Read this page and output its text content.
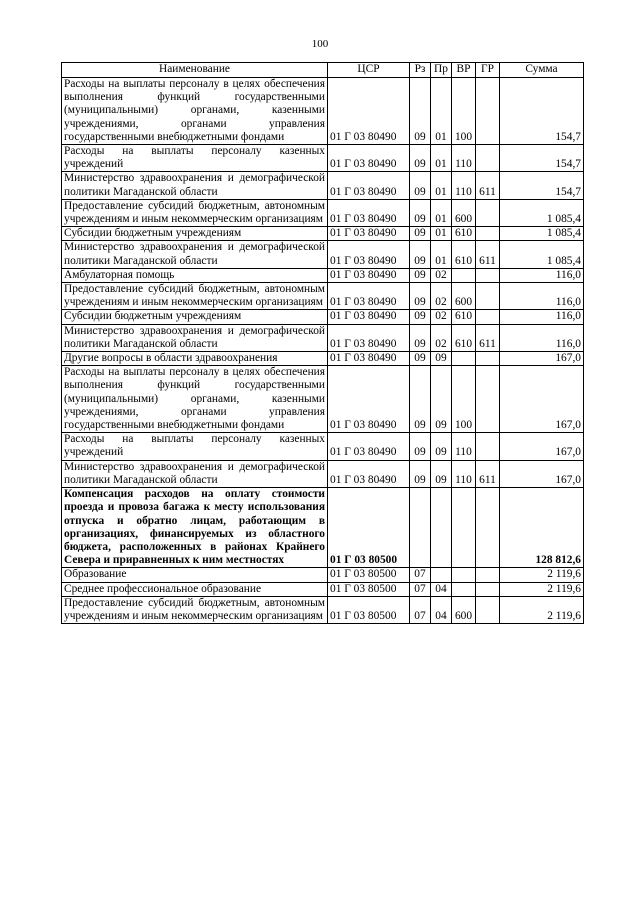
100
Наименование	ЦСР	Рз	Пр	ВР	ГР	Сумма
Расходы на выплаты персоналу в целях обеспечения выполнения функций государственными (муниципальными) органами, казенными учреждениями, органами управления государственными внебюджетными фондами	01 Г 03 80490	09	01	100		154,7
Расходы на выплаты персоналу казенных учреждений	01 Г 03 80490	09	01	110		154,7
Министерство здравоохранения и демографической политики Магаданской области	01 Г 03 80490	09	01	110	611	154,7
Предоставление субсидий бюджетным, автономным учреждениям и иным некоммерческим организациям	01 Г 03 80490	09	01	600		1 085,4
Субсидии бюджетным учреждениям	01 Г 03 80490	09	01	610		1 085,4
Министерство здравоохранения и демографической политики Магаданской области	01 Г 03 80490	09	01	610	611	1 085,4
Амбулаторная помощь	01 Г 03 80490	09	02			116,0
Предоставление субсидий бюджетным, автономным учреждениям и иным некоммерческим организациям	01 Г 03 80490	09	02	600		116,0
Субсидии бюджетным учреждениям	01 Г 03 80490	09	02	610		116,0
Министерство здравоохранения и демографической политики Магаданской области	01 Г 03 80490	09	02	610	611	116,0
Другие вопросы в области здравоохранения	01 Г 03 80490	09	09			167,0
Расходы на выплаты персоналу в целях обеспечения выполнения функций государственными (муниципальными) органами, казенными учреждениями, органами управления государственными внебюджетными фондами	01 Г 03 80490	09	09	100		167,0
Расходы на выплаты персоналу казенных учреждений	01 Г 03 80490	09	09	110		167,0
Министерство здравоохранения и демографической политики Магаданской области	01 Г 03 80490	09	09	110	611	167,0
Компенсация расходов на оплату стоимости проезда и провоза багажа к месту использования отпуска и обратно лицам, работающим в организациях, финансируемых из областного бюджета, расположенных в районах Крайнего Севера и приравненных к ним местностях	01 Г 03 80500					128 812,6
Образование	01 Г 03 80500	07				2 119,6
Среднее профессиональное образование	01 Г 03 80500	07	04			2 119,6
Предоставление субсидий бюджетным, автономным учреждениям и иным некоммерческим организациям	01 Г 03 80500	07	04	600		2 119,6
